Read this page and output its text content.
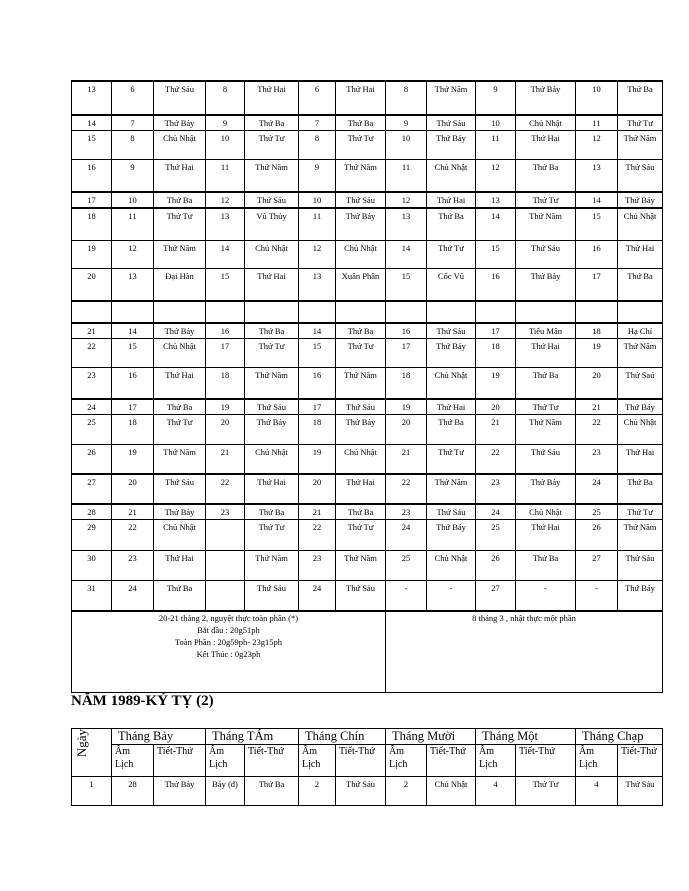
13	6	Thứ Sáu	8	Thứ Hai	6	Thứ Hai	8	Thứ Năm	9	Thứ Bảy	10	Thứ Ba
14	7	Thứ Bảy	9	Thứ Ba	7	Thứ Ba	9	Thứ Sáu	10	Chủ Nhật	11	Thứ Tư
15	8	Chủ Nhật	10	Thứ Tư	8	Thứ Tư	10	Thứ Bảy	11	Thứ Hai	12	Thứ Năm
16	9	Thứ Hai	11	Thứ Năm	9	Thứ Năm	11	Chủ Nhật	12	Thứ Ba	13	Thứ Sáu
17	10	Thứ Ba	12	Thứ Sáu	10	Thứ Sáu	12	Thứ Hai	13	Thứ Tư	14	Thứ Bảy
18	11	Thứ Tư	13	Vũ Thủy	11	Thứ Bảy	13	Thứ Ba	14	Thứ Năm	15	Chủ Nhật
19	12	Thứ Năm	14	Chủ Nhật	12	Chủ Nhật	14	Thứ Tư	15	Thứ Sáu	16	Thứ Hai
20	13	Đại Hàn	15	Thứ Hai	13	Xuân Phân	15	Cốc Vũ	16	Thứ Bảy	17	Thứ Ba

21	14	Thứ Bảy	16	Thứ Ba	14	Thứ Ba	16	Thứ Sáu	17	Tiểu Mãn	18	Hạ Chí
22	15	Chủ Nhật	17	Thứ Tư	15	Thứ Tư	17	Thứ Bảy	18	Thứ Hai	19	Thứ Năm
23	16	Thứ Hai	18	Thứ Năm	16	Thứ Năm	18	Chủ Nhật	19	Thứ Ba	20	Thứ Saú
24	17	Thứ Ba	19	Thứ Sáu	17	Thứ Sáu	19	Thứ Hai	20	Thứ Tư	21	Thứ Bảy
25	18	Thứ Tư	20	Thứ Bảy	18	Thứ Bảy	20	Thứ Ba	21	Thứ Năm	22	Chủ Nhật
26	19	Thứ Năm	21	Chủ Nhật	19	Chủ Nhật	21	Thứ Tư	22	Thứ Sáu	23	Thứ Hai
27	20	Thứ Sáu	22	Thứ Hai	20	Thứ Hai	22	Thứ Năm	23	Thứ Bảy	24	Thứ Ba
28	21	Thứ Bảy	23	Thứ Ba	21	Thứ Ba	23	Thứ Sáu	24	Chủ Nhật	25	Thứ Tư
29	22	Chủ Nhật		Thứ Tư	22	Thứ Tư	24	Thứ Bảy	25	Thứ Hai	26	Thứ Năm
30	23	Thứ Hai		Thứ Năm	23	Thứ Năm	25	Chủ Nhật	26	Thứ Ba	27	Thứ Sáu
31	24	Thứ Ba		Thứ Sáu	24	Thứ Sáu	-	-	27	-	-	Thứ Bảy

20-21 tháng 2, nguyệt thực toàn phần (*)
Bắt đầu : 20g51ph
Toàn Phần : 20g59ph- 23g15ph
Kết Thúc : 0g23ph							8 tháng 3 , nhật thực một phần					
NĂM 1989-KỶ TỴ (2)
Ngày	Tháng Bảy		Tháng TÁm		Tháng Chín		Tháng Mười		Tháng Một		Tháng Chạp	
	Âm Lịch	Tiết-Thứ	Âm Lịch	Tiết-Thứ	Âm Lịch	Tiết-Thứ	Âm Lịch	Tiết-Thứ	Âm Lịch	Tiết-Thứ	Âm Lịch	Tiết-Thứ
1	28	Thứ Bảy	Bảy (đ)	Thứ Ba	2	Thứ Sáu	2	Chủ Nhật	4	Thứ Tư	4	Thứ Sáu
